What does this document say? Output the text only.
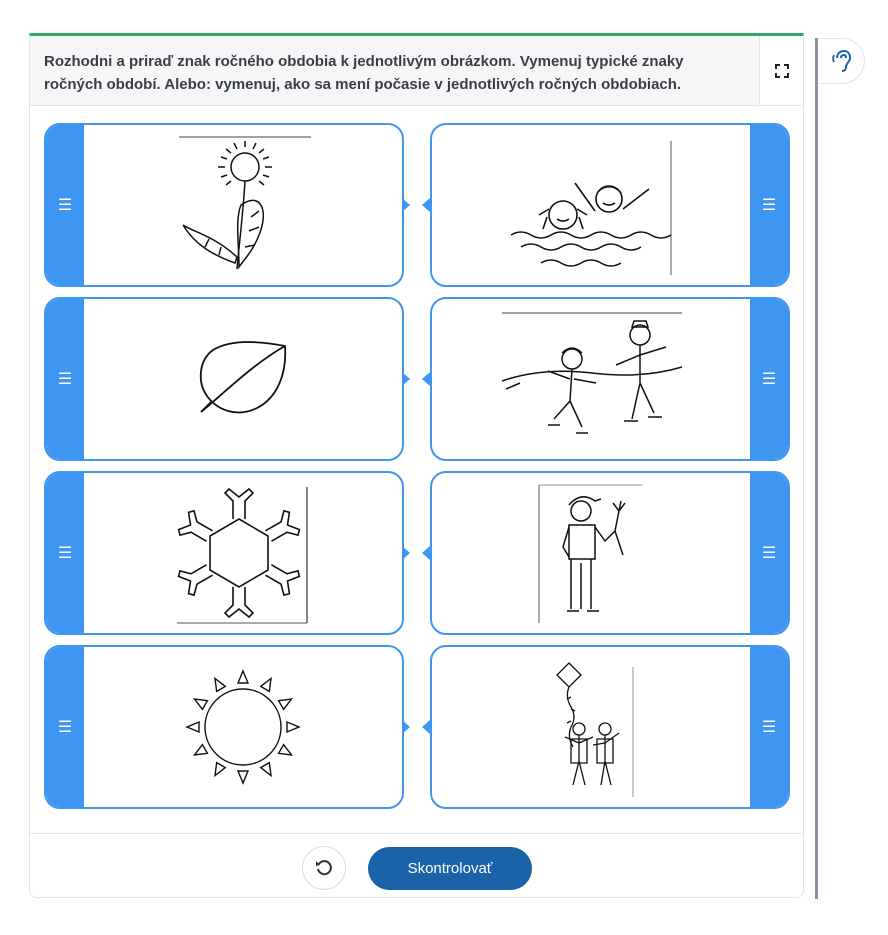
Rozhodni a priraď znak ročného obdobia k jednotlivým obrázkom. Vymenuj typické znaky ročných období. Alebo: vymenuj, ako sa mení počasie v jednotlivých ročných obdobiach.
☰	☰
☰	☰
☰	☰
☰	☰
Skontrolovať
